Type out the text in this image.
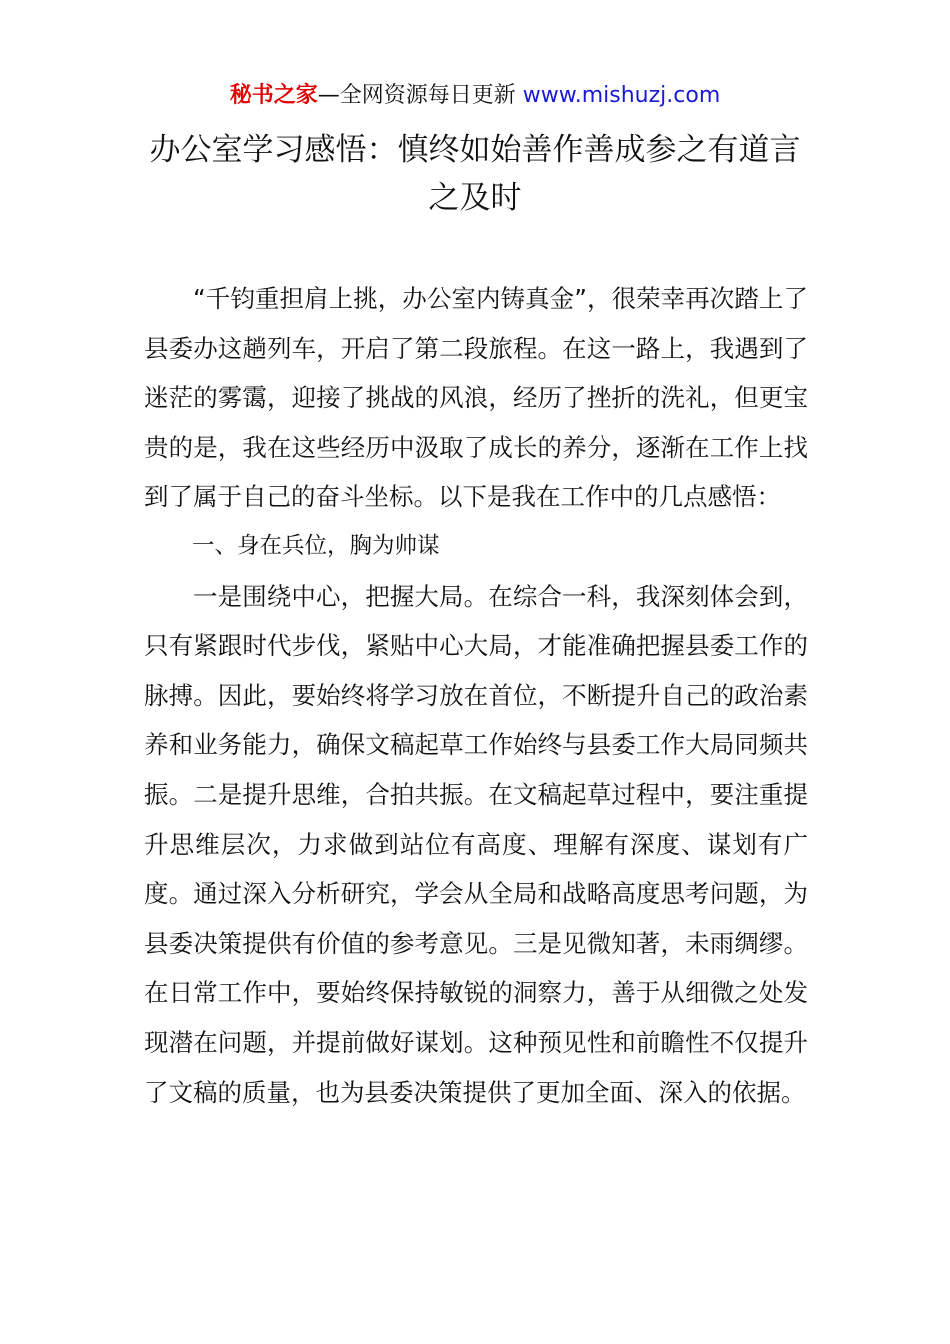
秘书之家—全网资源每日更新 www.mishuzj.com
办公室学习感悟：慎终如始善作善成参之有道言之及时

“千钧重担肩上挑，办公室内铸真金”，很荣幸再次踏上了县委办这趟列车，开启了第二段旅程。在这一路上，我遇到了迷茫的雾霭，迎接了挑战的风浪，经历了挫折的洗礼，但更宝贵的是，我在这些经历中汲取了成长的养分，逐渐在工作上找到了属于自己的奋斗坐标。以下是我在工作中的几点感悟：

一、身在兵位，胸为帅谋

一是围绕中心，把握大局。在综合一科，我深刻体会到，只有紧跟时代步伐，紧贴中心大局，才能准确把握县委工作的脉搏。因此，要始终将学习放在首位，不断提升自己的政治素养和业务能力，确保文稿起草工作始终与县委工作大局同频共振。二是提升思维，合拍共振。在文稿起草过程中，要注重提升思维层次，力求做到站位有高度、理解有深度、谋划有广度。通过深入分析研究，学会从全局和战略高度思考问题，为县委决策提供有价值的参考意见。三是见微知著，未雨绸缪。在日常工作中，要始终保持敏锐的洞察力，善于从细微之处发现潜在问题，并提前做好谋划。这种预见性和前瞻性不仅提升了文稿的质量，也为县委决策提供了更加全面、深入的依据。
